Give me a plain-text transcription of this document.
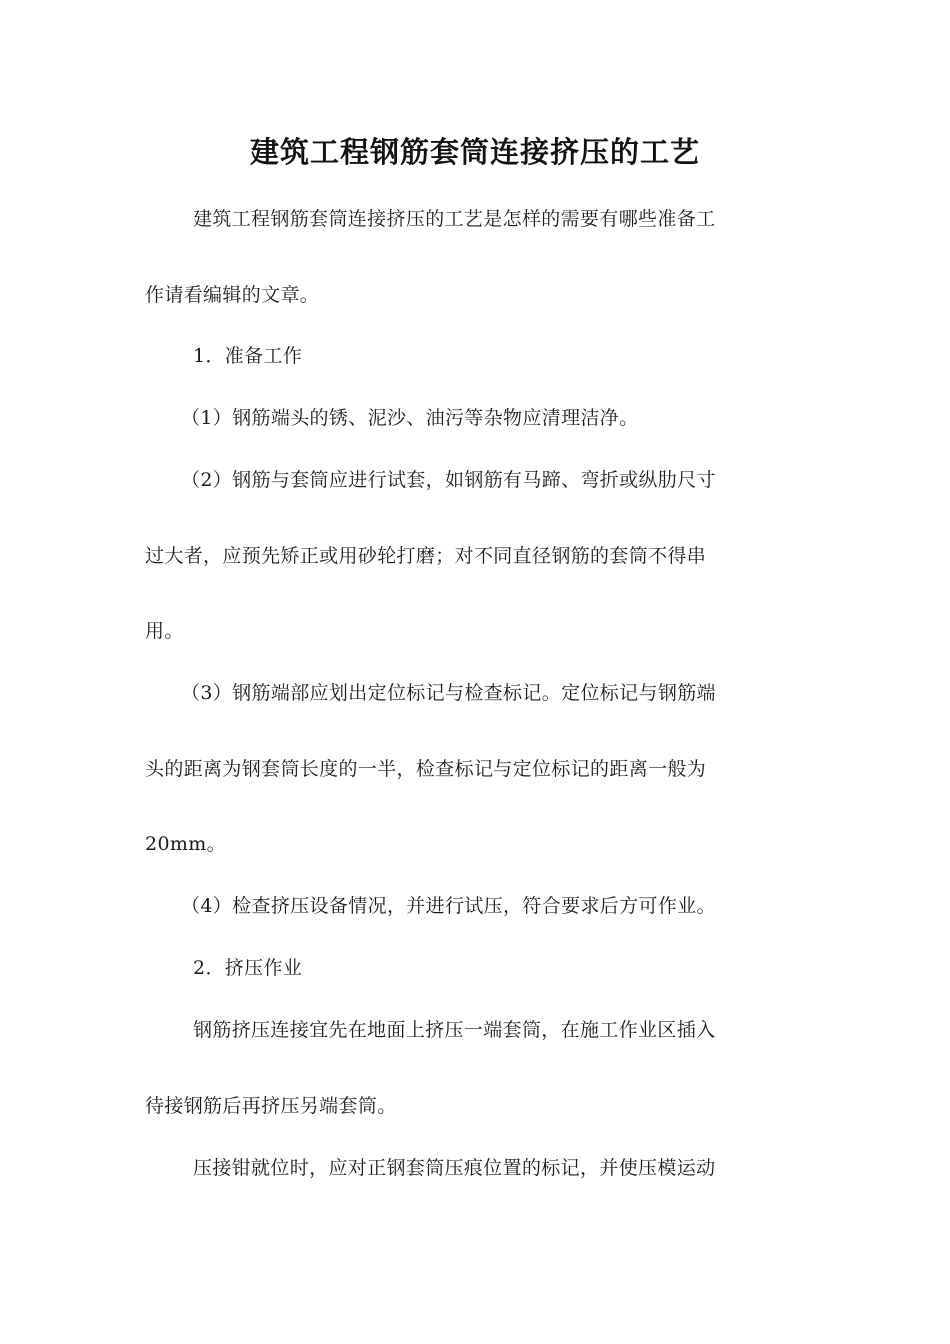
建筑工程钢筋套筒连接挤压的工艺
建筑工程钢筋套筒连接挤压的工艺是怎样的需要有哪些准备工
作请看编辑的文章。
1．准备工作
（1）钢筋端头的锈、泥沙、油污等杂物应清理洁净。
（2）钢筋与套筒应进行试套，如钢筋有马蹄、弯折或纵肋尺寸
过大者，应预先矫正或用砂轮打磨；对不同直径钢筋的套筒不得串
用。
（3）钢筋端部应划出定位标记与检查标记。定位标记与钢筋端
头的距离为钢套筒长度的一半，检查标记与定位标记的距离一般为
20mm。
（4）检查挤压设备情况，并进行试压，符合要求后方可作业。
2．挤压作业
钢筋挤压连接宜先在地面上挤压一端套筒，在施工作业区插入
待接钢筋后再挤压另端套筒。
压接钳就位时，应对正钢套筒压痕位置的标记，并使压模运动
